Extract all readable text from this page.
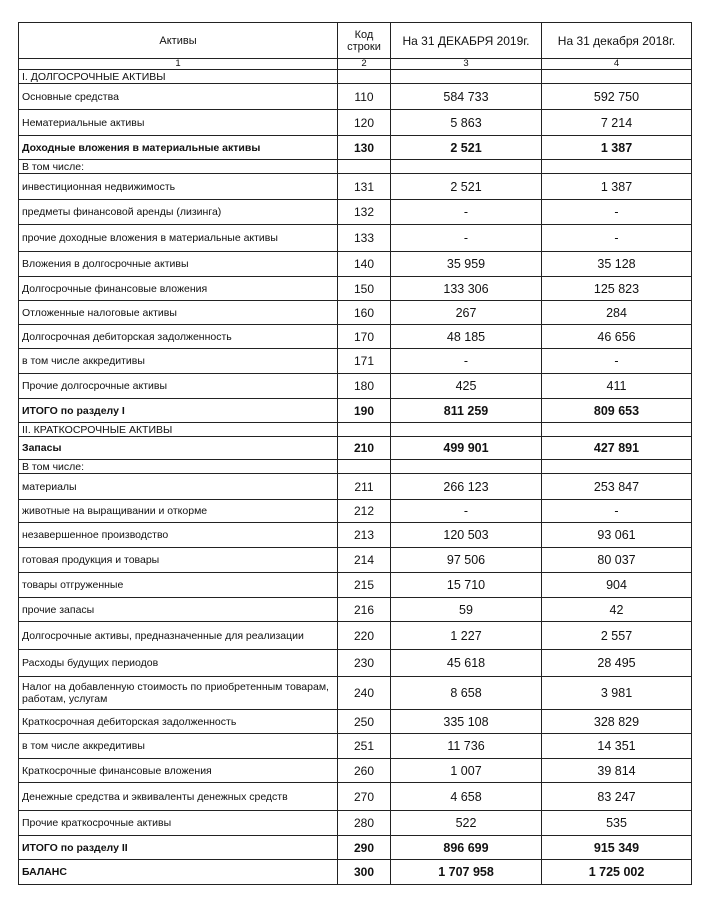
Активы	Код строки	На 31 ДЕКАБРЯ 2019г.	На 31 декабря 2018г.
1	2	3	4
I. ДОЛГОСРОЧНЫЕ АКТИВЫ			
Основные средства	110	584 733	592 750
Нематериальные активы	120	5 863	7 214
Доходные вложения в материальные активы	130	2 521	1 387
В том числе:			
инвестиционная недвижимость	131	2 521	1 387
предметы финансовой аренды (лизинга)	132	-	-
прочие доходные вложения в материальные активы	133	-	-
Вложения в долгосрочные активы	140	35 959	35 128
Долгосрочные финансовые вложения	150	133 306	125 823
Отложенные налоговые активы	160	267	284
Долгосрочная дебиторская задолженность	170	48 185	46 656
в том числе аккредитивы	171	-	-
Прочие долгосрочные активы	180	425	411
ИТОГО по разделу I	190	811 259	809 653
II. КРАТКОСРОЧНЫЕ АКТИВЫ			
Запасы	210	499 901	427 891
В том числе:			
материалы	211	266 123	253 847
животные на выращивании и откорме	212	-	-
незавершенное производство	213	120 503	93 061
готовая продукция и товары	214	97 506	80 037
товары отгруженные	215	15 710	904
прочие запасы	216	59	42
Долгосрочные активы, предназначенные для реализации	220	1 227	2 557
Расходы будущих периодов	230	45 618	28 495
Налог на добавленную стоимость по приобретенным товарам, работам, услугам	240	8 658	3 981
Краткосрочная дебиторская задолженность	250	335 108	328 829
в том числе аккредитивы	251	11 736	14 351
Краткосрочные финансовые вложения	260	1 007	39 814
Денежные средства и эквиваленты денежных средств	270	4 658	83 247
Прочие краткосрочные активы	280	522	535
ИТОГО по разделу II	290	896 699	915 349
БАЛАНС	300	1 707 958	1 725 002
